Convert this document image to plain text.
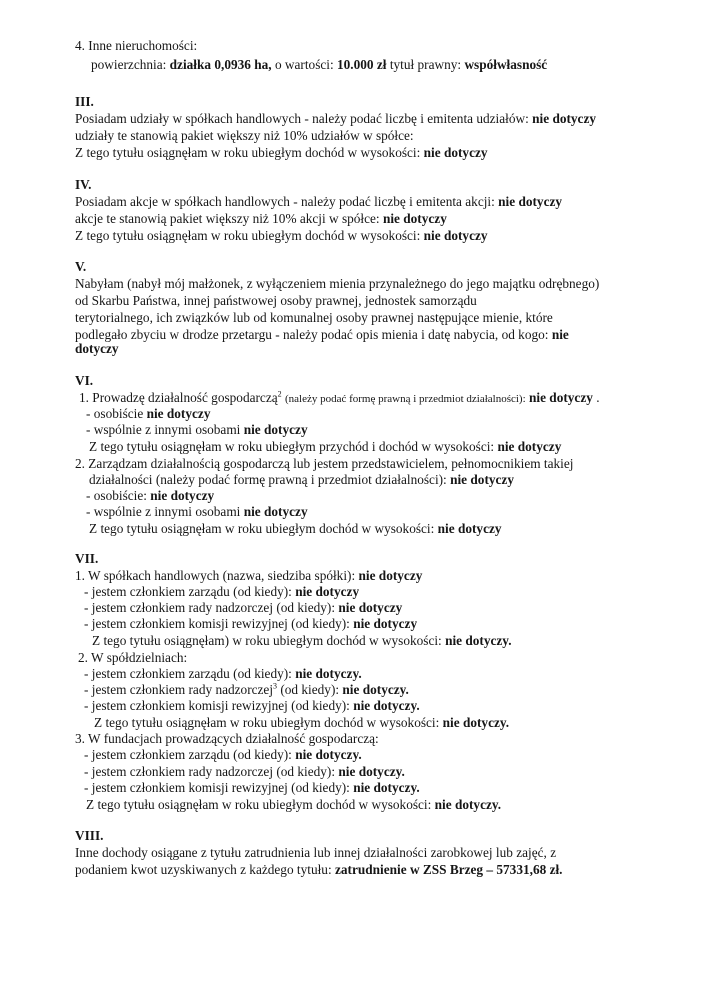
4. Inne nieruchomości:
powierzchnia: działka 0,0936 ha, o wartości: 10.000 zł tytuł prawny: współwłasność
III.
Posiadam udziały w spółkach handlowych - należy podać liczbę i emitenta udziałów: nie dotyczy
udziały te stanowią pakiet większy niż 10% udziałów w spółce:
Z tego tytułu osiągnęłam w roku ubiegłym dochód w wysokości: nie dotyczy
IV.
Posiadam akcje w spółkach handlowych - należy podać liczbę i emitenta akcji: nie dotyczy
akcje te stanowią pakiet większy niż 10% akcji w spółce: nie dotyczy
Z tego tytułu osiągnęłam w roku ubiegłym dochód w wysokości: nie dotyczy
V.
Nabyłam (nabył mój małżonek, z wyłączeniem mienia przynależnego do jego majątku odrębnego)
od Skarbu Państwa, innej państwowej osoby prawnej, jednostek samorządu
terytorialnego, ich związków lub od komunalnej osoby prawnej następujące mienie, które
podlegało zbyciu w drodze przetargu - należy podać opis mienia i datę nabycia, od kogo: nie
dotyczy
VI.
1. Prowadzę działalność gospodarczą$^2$ (należy podać formę prawną i przedmiot działalności): nie dotyczy .
- osobiście nie dotyczy
- wspólnie z innymi osobami nie dotyczy
Z tego tytułu osiągnęłam w roku ubiegłym przychód i dochód w wysokości: nie dotyczy
2. Zarządzam działalnością gospodarczą lub jestem przedstawicielem, pełnomocnikiem takiej
działalności (należy podać formę prawną i przedmiot działalności): nie dotyczy
- osobiście: nie dotyczy
- wspólnie z innymi osobami nie dotyczy
Z tego tytułu osiągnęłam w roku ubiegłym dochód w wysokości: nie dotyczy
VII.
1. W spółkach handlowych (nazwa, siedziba spółki): nie dotyczy
- jestem członkiem zarządu (od kiedy): nie dotyczy
- jestem członkiem rady nadzorczej (od kiedy): nie dotyczy
- jestem członkiem komisji rewizyjnej (od kiedy): nie dotyczy
Z tego tytułu osiągnęłam) w roku ubiegłym dochód w wysokości: nie dotyczy.
2. W spółdzielniach:
- jestem członkiem zarządu (od kiedy): nie dotyczy.
- jestem członkiem rady nadzorczej$^3$ (od kiedy): nie dotyczy.
- jestem członkiem komisji rewizyjnej (od kiedy): nie dotyczy.
Z tego tytułu osiągnęłam w roku ubiegłym dochód w wysokości: nie dotyczy.
3. W fundacjach prowadzących działalność gospodarczą:
- jestem członkiem zarządu (od kiedy): nie dotyczy.
- jestem członkiem rady nadzorczej (od kiedy): nie dotyczy.
- jestem członkiem komisji rewizyjnej (od kiedy): nie dotyczy.
Z tego tytułu osiągnęłam w roku ubiegłym dochód w wysokości: nie dotyczy.
VIII.
Inne dochody osiągane z tytułu zatrudnienia lub innej działalności zarobkowej lub zajęć, z
podaniem kwot uzyskiwanych z każdego tytułu: zatrudnienie w ZSS Brzeg – 57331,68 zł.
